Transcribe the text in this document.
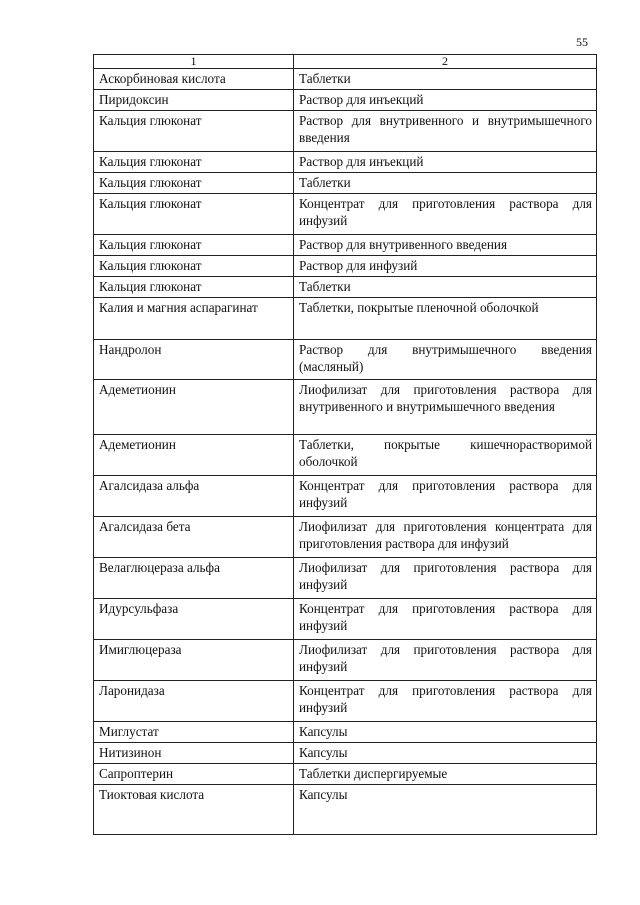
55
1	2
Аскорбиновая кислота	Таблетки
Пиридоксин	Раствор для инъекций
Кальция глюконат	Раствор для внутривенного и внутримышечного введения
Кальция глюконат	Раствор для инъекций
Кальция глюконат	Таблетки
Кальция глюконат	Концентрат для приготовления раствора для инфузий
Кальция глюконат	Раствор для внутривенного введения
Кальция глюконат	Раствор для инфузий
Кальция глюконат	Таблетки
Калия и магния аспарагинат	Таблетки, покрытые пленочной оболочкой
Нандролон	Раствор для внутримышечного введения (масляный)
Адеметионин	Лиофилизат для приготовления раствора для внутривенного и внутримышечного введения
Адеметионин	Таблетки, покрытые кишечнорастворимой оболочкой
Агалсидаза альфа	Концентрат для приготовления раствора для инфузий
Агалсидаза бета	Лиофилизат для приготовления концентрата для приготовления раствора для инфузий
Велаглюцераза альфа	Лиофилизат для приготовления раствора для инфузий
Идурсульфаза	Концентрат для приготовления раствора для инфузий
Имиглюцераза	Лиофилизат для приготовления раствора для инфузий
Ларонидаза	Концентрат для приготовления раствора для инфузий
Миглустат	Капсулы
Нитизинон	Капсулы
Сапроптерин	Таблетки диспергируемые
Тиоктовая кислота	Капсулы
